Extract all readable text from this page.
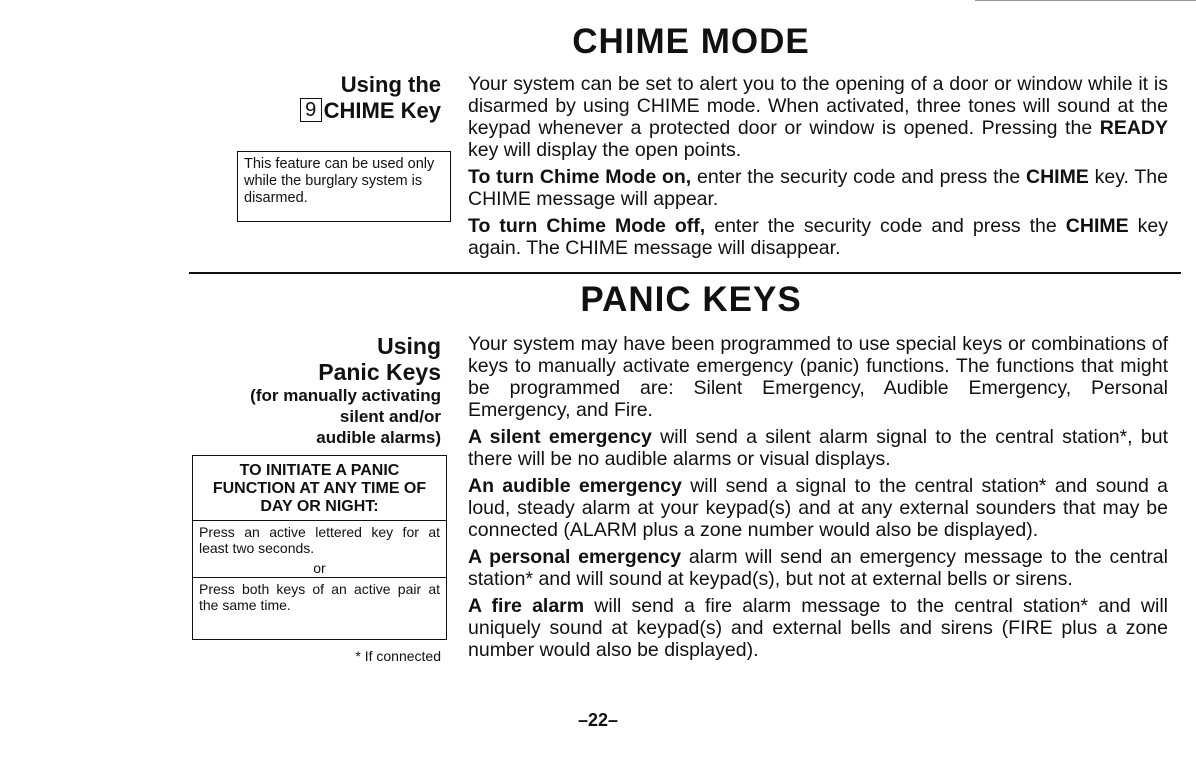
CHIME MODE
Using the
9 CHIME Key
This feature can be used only while the burglary system is disarmed.

Your system can be set to alert you to the opening of a door or window while it is disarmed by using CHIME mode. When activated, three tones will sound at the keypad whenever a protected door or window is opened. Pressing the READY key will display the open points.

To turn Chime Mode on, enter the security code and press the CHIME key. The CHIME message will appear.

To turn Chime Mode off, enter the security code and press the CHIME key again. The CHIME message will disappear.

PANIC KEYS
Using
Panic Keys
(for manually activating
silent and/or
audible alarms)
TO INITIATE A PANIC FUNCTION AT ANY TIME OF DAY OR NIGHT:
Press an active lettered key for at least two seconds.
or
Press both keys of an active pair at the same time.
* If connected

Your system may have been programmed to use special keys or combinations of keys to manually activate emergency (panic) functions. The functions that might be programmed are: Silent Emergency, Audible Emergency, Personal Emergency, and Fire.

A silent emergency will send a silent alarm signal to the central station*, but there will be no audible alarms or visual displays.

An audible emergency will send a signal to the central station* and sound a loud, steady alarm at your keypad(s) and at any external sounders that may be connected (ALARM plus a zone number would also be displayed).

A personal emergency alarm will send an emergency message to the central station* and will sound at keypad(s), but not at external bells or sirens.

A fire alarm will send a fire alarm message to the central station* and will uniquely sound at keypad(s) and external bells and sirens (FIRE plus a zone number would also be displayed).

–22–
